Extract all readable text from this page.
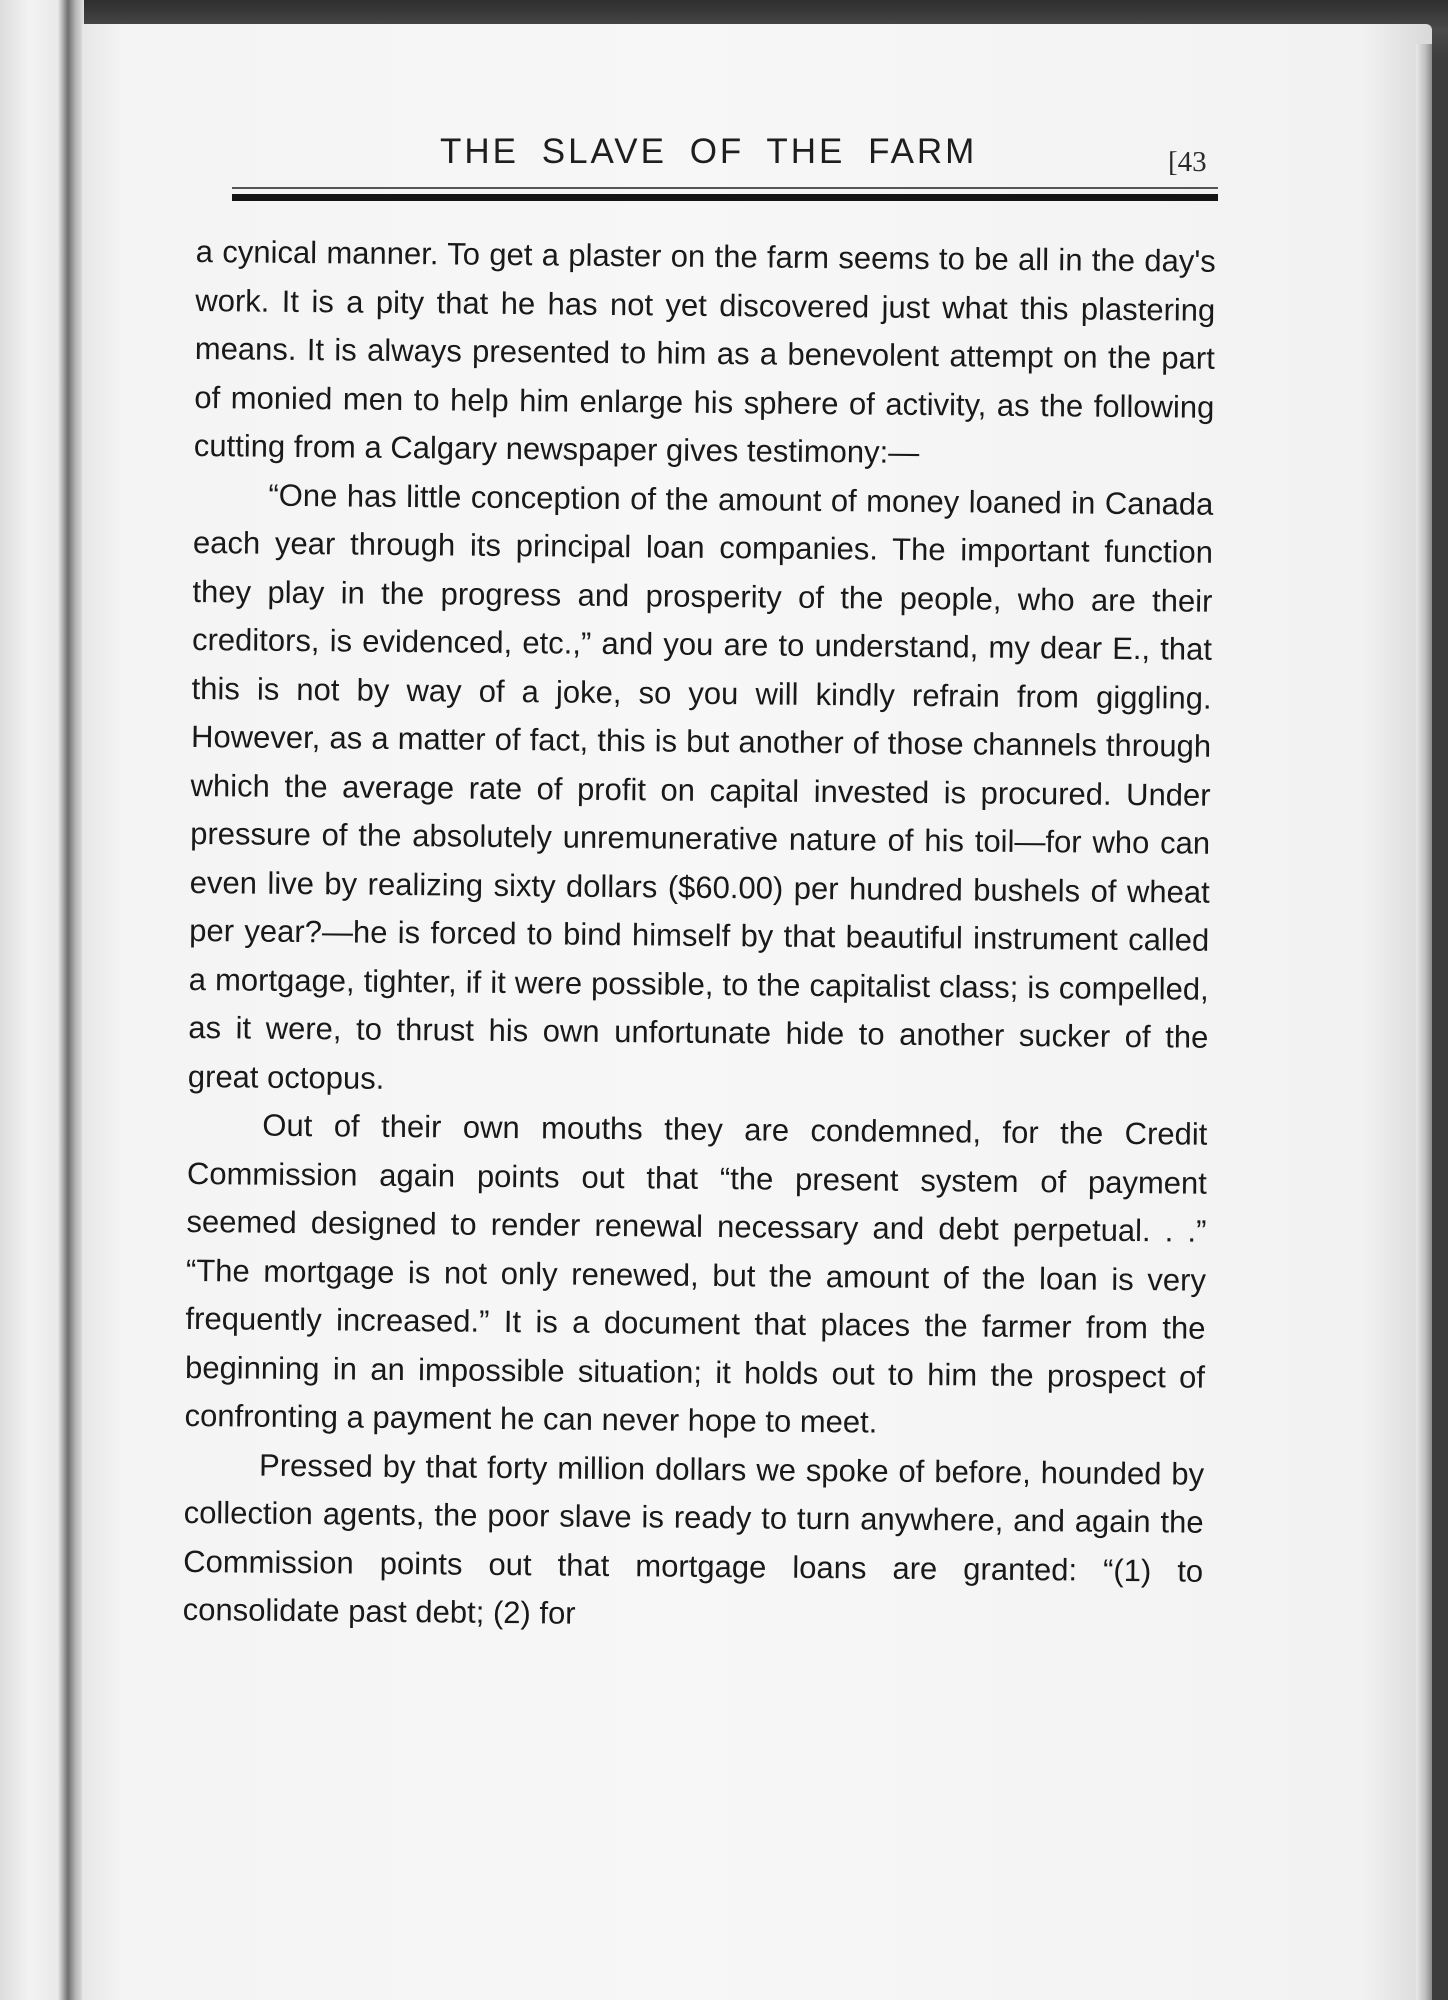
THE SLAVE OF THE FARM	[43

a cynical manner. To get a plaster on the farm seems to be all in the day's work. It is a pity that he has not yet discovered just what this plastering means. It is always presented to him as a benevolent attempt on the part of monied men to help him enlarge his sphere of activity, as the following cutting from a Calgary newspaper gives testimony:—

“One has little conception of the amount of money loaned in Canada each year through its principal loan companies. The important function they play in the progress and prosperity of the people, who are their creditors, is evidenced, etc.,” and you are to understand, my dear E., that this is not by way of a joke, so you will kindly refrain from giggling. However, as a matter of fact, this is but another of those channels through which the average rate of profit on capital invested is procured. Under pressure of the absolutely unremunerative nature of his toil—for who can even live by realizing sixty dollars ($60.00) per hundred bushels of wheat per year?—he is forced to bind himself by that beautiful instrument called a mortgage, tighter, if it were possible, to the capitalist class; is compelled, as it were, to thrust his own unfortunate hide to another sucker of the great octopus.

Out of their own mouths they are condemned, for the Credit Commission again points out that “the present system of payment seemed designed to render renewal necessary and debt perpetual. . .” “The mortgage is not only renewed, but the amount of the loan is very frequently increased.” It is a document that places the farmer from the beginning in an impossible situation; it holds out to him the prospect of confronting a payment he can never hope to meet.

Pressed by that forty million dollars we spoke of before, hounded by collection agents, the poor slave is ready to turn anywhere, and again the Commission points out that mortgage loans are granted: “(1) to consolidate past debt; (2) for
